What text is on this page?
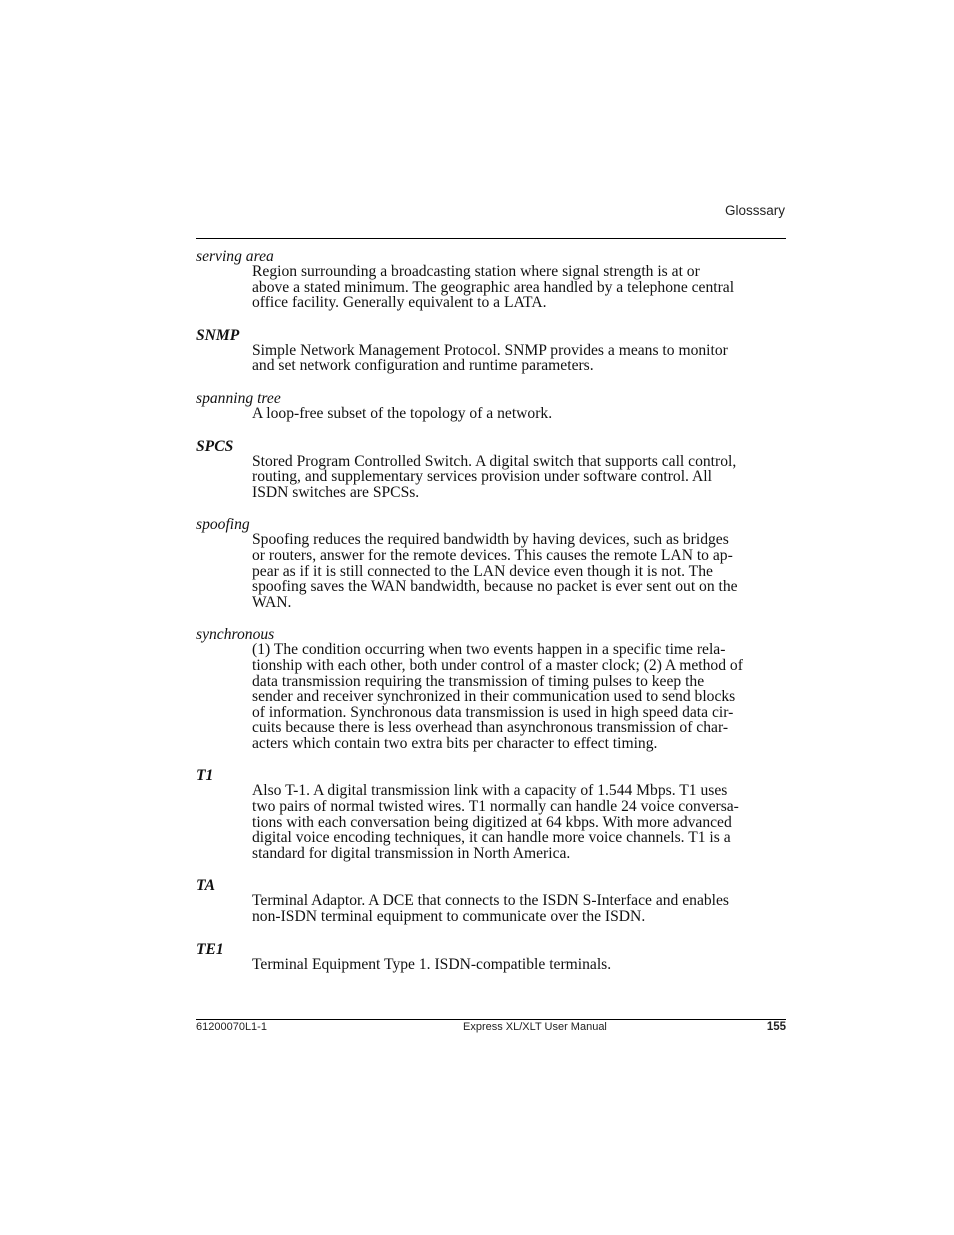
Glosssary
serving area
Region surrounding a broadcasting station where signal strength is at or
above a stated minimum. The geographic area handled by a telephone central
office facility. Generally equivalent to a LATA.
SNMP
Simple Network Management Protocol. SNMP provides a means to monitor
and set network configuration and runtime parameters.
spanning tree
A loop-free subset of the topology of a network.
SPCS
Stored Program Controlled Switch. A digital switch that supports call control,
routing, and supplementary services provision under software control. All
ISDN switches are SPCSs.
spoofing
Spoofing reduces the required bandwidth by having devices, such as bridges
or routers, answer for the remote devices. This causes the remote LAN to ap-
pear as if it is still connected to the LAN device even though it is not. The
spoofing saves the WAN bandwidth, because no packet is ever sent out on the
WAN.
synchronous
(1) The condition occurring when two events happen in a specific time rela-
tionship with each other, both under control of a master clock; (2) A method of
data transmission requiring the transmission of timing pulses to keep the
sender and receiver synchronized in their communication used to send blocks
of information. Synchronous data transmission is used in high speed data cir-
cuits because there is less overhead than asynchronous transmission of char-
acters which contain two extra bits per character to effect timing.
T1
Also T-1. A digital transmission link with a capacity of 1.544 Mbps. T1 uses
two pairs of normal twisted wires. T1 normally can handle 24 voice conversa-
tions with each conversation being digitized at 64 kbps. With more advanced
digital voice encoding techniques, it can handle more voice channels. T1 is a
standard for digital transmission in North America.
TA
Terminal Adaptor. A DCE that connects to the ISDN S-Interface and enables
non-ISDN terminal equipment to communicate over the ISDN.
TE1
Terminal Equipment Type 1. ISDN-compatible terminals.
61200070L1-1	Express XL/XLT User Manual	155
